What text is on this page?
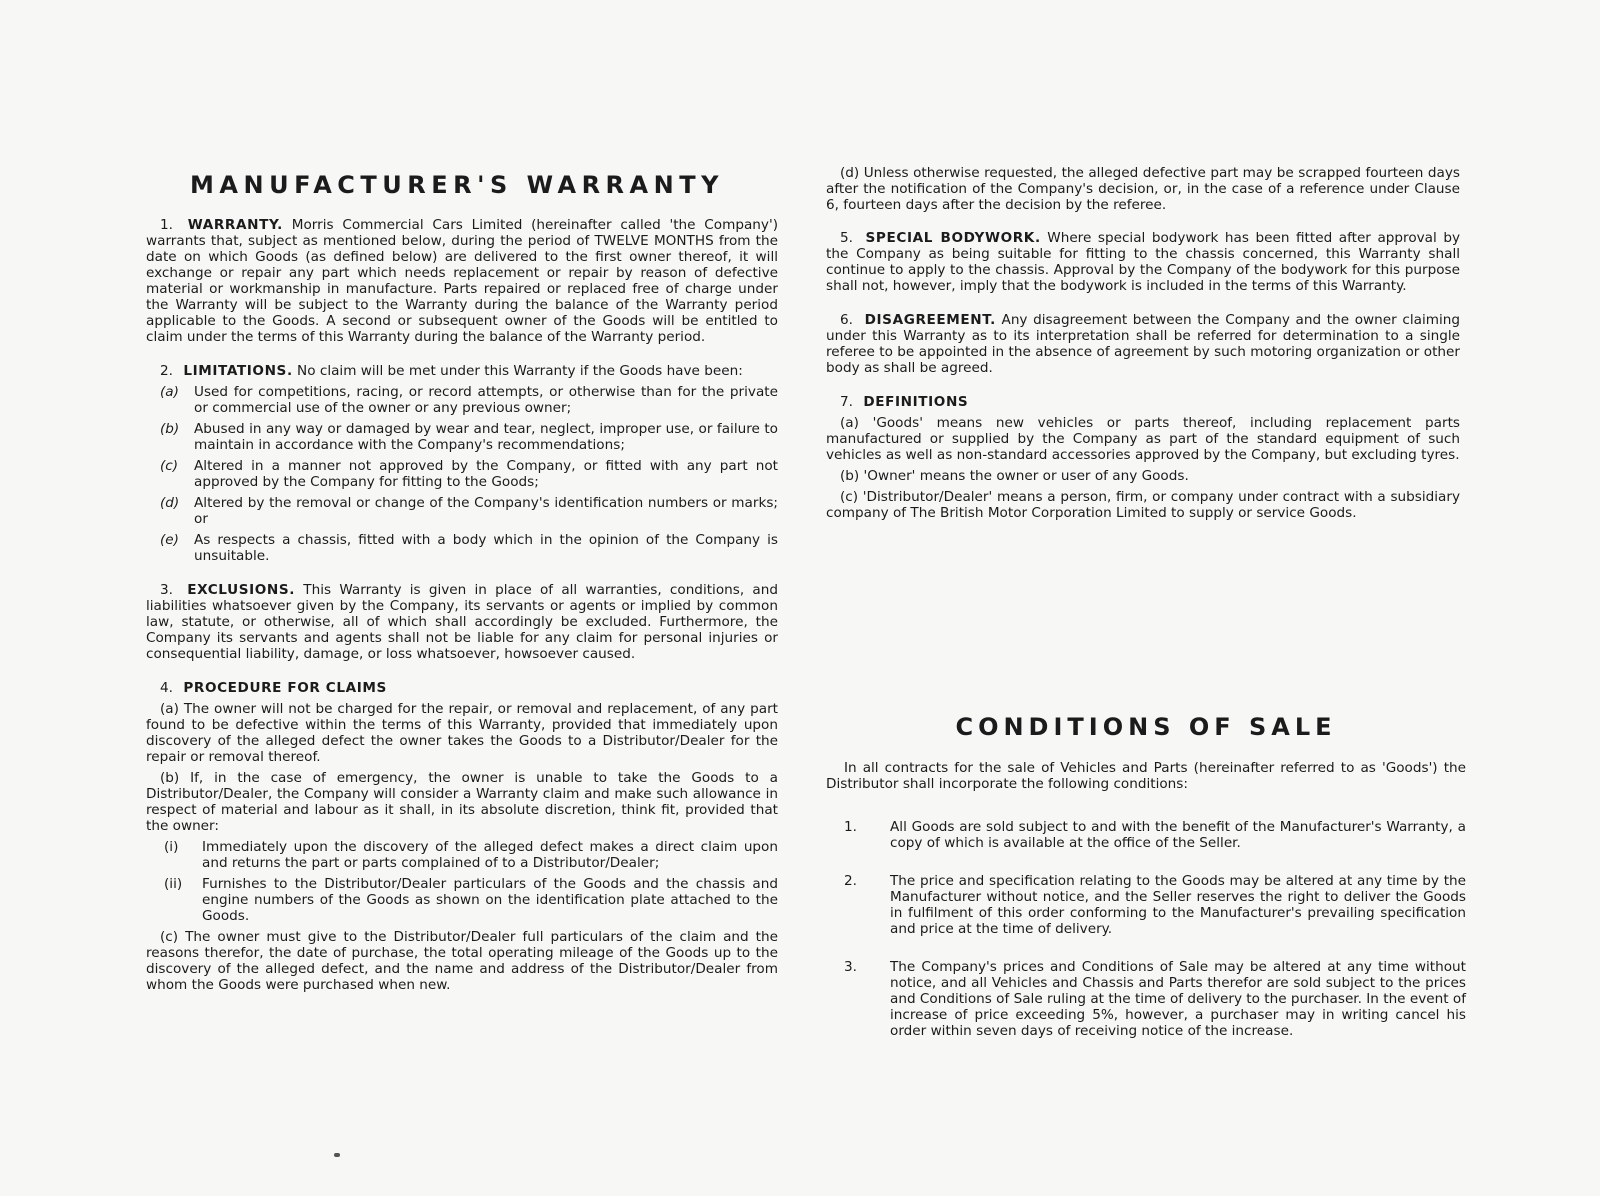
MANUFACTURER'S WARRANTY

1. WARRANTY. Morris Commercial Cars Limited (hereinafter called 'the Company') warrants that, subject as mentioned below, during the period of TWELVE MONTHS from the date on which Goods (as defined below) are delivered to the first owner thereof, it will exchange or repair any part which needs replacement or repair by reason of defective material or workmanship in manufacture. Parts repaired or replaced free of charge under the Warranty will be subject to the Warranty during the balance of the Warranty period applicable to the Goods. A second or subsequent owner of the Goods will be entitled to claim under the terms of this Warranty during the balance of the Warranty period.

2. LIMITATIONS. No claim will be met under this Warranty if the Goods have been:

(a)	Used for competitions, racing, or record attempts, or otherwise than for the private or commercial use of the owner or any previous owner;
(b)	Abused in any way or damaged by wear and tear, neglect, improper use, or failure to maintain in accordance with the Company's recommendations;
(c)	Altered in a manner not approved by the Company, or fitted with any part not approved by the Company for fitting to the Goods;
(d)	Altered by the removal or change of the Company's identification numbers or marks; or
(e)	As respects a chassis, fitted with a body which in the opinion of the Company is unsuitable.

3. EXCLUSIONS. This Warranty is given in place of all warranties, conditions, and liabilities whatsoever given by the Company, its servants or agents or implied by common law, statute, or otherwise, all of which shall accordingly be excluded. Furthermore, the Company its servants and agents shall not be liable for any claim for personal injuries or consequential liability, damage, or loss whatsoever, howsoever caused.

4. PROCEDURE FOR CLAIMS

(a) The owner will not be charged for the repair, or removal and replacement, of any part found to be defective within the terms of this Warranty, provided that immediately upon discovery of the alleged defect the owner takes the Goods to a Distributor/Dealer for the repair or removal thereof.

(b) If, in the case of emergency, the owner is unable to take the Goods to a Distributor/Dealer, the Company will consider a Warranty claim and make such allowance in respect of material and labour as it shall, in its absolute discretion, think fit, provided that the owner:

(i)	Immediately upon the discovery of the alleged defect makes a direct claim upon and returns the part or parts complained of to a Distributor/Dealer;
(ii)	Furnishes to the Distributor/Dealer particulars of the Goods and the chassis and engine numbers of the Goods as shown on the identification plate attached to the Goods.

(c) The owner must give to the Distributor/Dealer full particulars of the claim and the reasons therefor, the date of purchase, the total operating mileage of the Goods up to the discovery of the alleged defect, and the name and address of the Distributor/Dealer from whom the Goods were purchased when new.

(d) Unless otherwise requested, the alleged defective part may be scrapped fourteen days after the notification of the Company's decision, or, in the case of a reference under Clause 6, fourteen days after the decision by the referee.

5. SPECIAL BODYWORK. Where special bodywork has been fitted after approval by the Company as being suitable for fitting to the chassis concerned, this Warranty shall continue to apply to the chassis. Approval by the Company of the bodywork for this purpose shall not, however, imply that the bodywork is included in the terms of this Warranty.

6. DISAGREEMENT. Any disagreement between the Company and the owner claiming under this Warranty as to its interpretation shall be referred for determination to a single referee to be appointed in the absence of agreement by such motoring organization or other body as shall be agreed.

7. DEFINITIONS

(a) 'Goods' means new vehicles or parts thereof, including replacement parts manufactured or supplied by the Company as part of the standard equipment of such vehicles as well as non-standard accessories approved by the Company, but excluding tyres.

(b) 'Owner' means the owner or user of any Goods.

(c) 'Distributor/Dealer' means a person, firm, or company under contract with a subsidiary company of The British Motor Corporation Limited to supply or service Goods.

CONDITIONS OF SALE

In all contracts for the sale of Vehicles and Parts (hereinafter referred to as 'Goods') the Distributor shall incorporate the following conditions:

1.	All Goods are sold subject to and with the benefit of the Manufacturer's Warranty, a copy of which is available at the office of the Seller.
2.	The price and specification relating to the Goods may be altered at any time by the Manufacturer without notice, and the Seller reserves the right to deliver the Goods in fulfilment of this order conforming to the Manufacturer's prevailing specification and price at the time of delivery.
3.	The Company's prices and Conditions of Sale may be altered at any time without notice, and all Vehicles and Chassis and Parts therefor are sold subject to the prices and Conditions of Sale ruling at the time of delivery to the purchaser. In the event of increase of price exceeding 5%, however, a purchaser may in writing cancel his order within seven days of receiving notice of the increase.
